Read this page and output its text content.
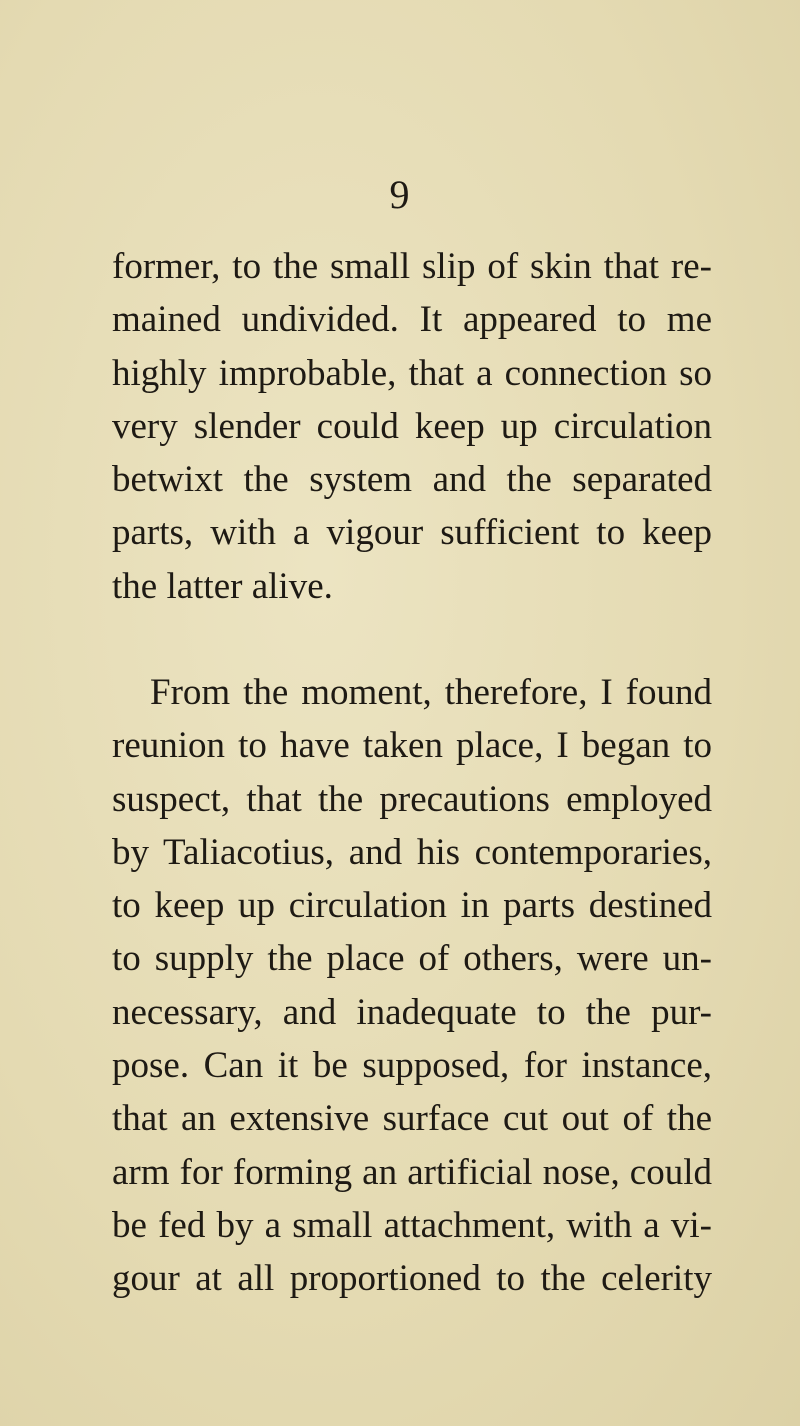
9
former, to the small slip of skin that re-
mained undivided. It appeared to me
highly improbable, that a connection so
very slender could keep up circulation
betwixt the system and the separated
parts, with a vigour sufficient to keep
the latter alive.
From the moment, therefore, I found
reunion to have taken place, I began to
suspect, that the precautions employed
by Taliacotius, and his contemporaries,
to keep up circulation in parts destined
to supply the place of others, were un-
necessary, and inadequate to the pur-
pose. Can it be supposed, for instance,
that an extensive surface cut out of the
arm for forming an artificial nose, could
be fed by a small attachment, with a vi-
gour at all proportioned to the celerity
